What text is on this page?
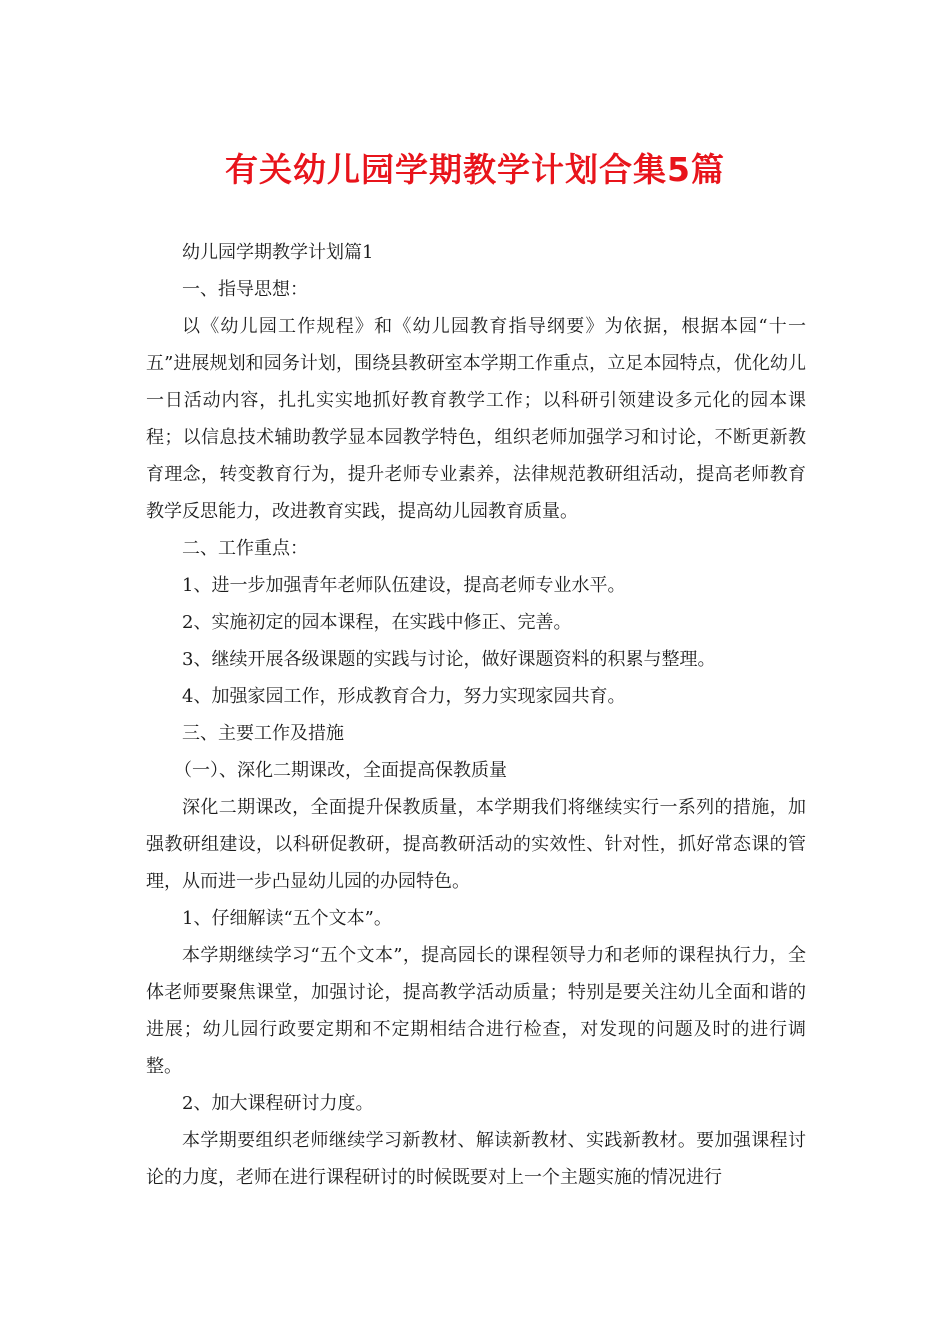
有关幼儿园学期教学计划合集5篇

幼儿园学期教学计划篇1

一、指导思想：

以《幼儿园工作规程》和《幼儿园教育指导纲要》为依据，根据本园“十一五”进展规划和园务计划，围绕县教研室本学期工作重点，立足本园特点，优化幼儿一日活动内容，扎扎实实地抓好教育教学工作；以科研引领建设多元化的园本课程；以信息技术辅助教学显本园教学特色，组织老师加强学习和讨论，不断更新教育理念，转变教育行为，提升老师专业素养，法律规范教研组活动，提高老师教育教学反思能力，改进教育实践，提高幼儿园教育质量。

二、工作重点：

1、进一步加强青年老师队伍建设，提高老师专业水平。

2、实施初定的园本课程，在实践中修正、完善。

3、继续开展各级课题的实践与讨论，做好课题资料的积累与整理。

4、加强家园工作，形成教育合力，努力实现家园共育。

三、主要工作及措施

（一）、深化二期课改，全面提高保教质量

深化二期课改，全面提升保教质量，本学期我们将继续实行一系列的措施，加强教研组建设，以科研促教研，提高教研活动的实效性、针对性，抓好常态课的管理，从而进一步凸显幼儿园的办园特色。

1、仔细解读“五个文本”。

本学期继续学习“五个文本”，提高园长的课程领导力和老师的课程执行力，全体老师要聚焦课堂，加强讨论，提高教学活动质量；特别是要关注幼儿全面和谐的进展；幼儿园行政要定期和不定期相结合进行检查，对发现的问题及时的进行调整。

2、加大课程研讨力度。

本学期要组织老师继续学习新教材、解读新教材、实践新教材。要加强课程讨论的力度，老师在进行课程研讨的时候既要对上一个主题实施的情况进行
